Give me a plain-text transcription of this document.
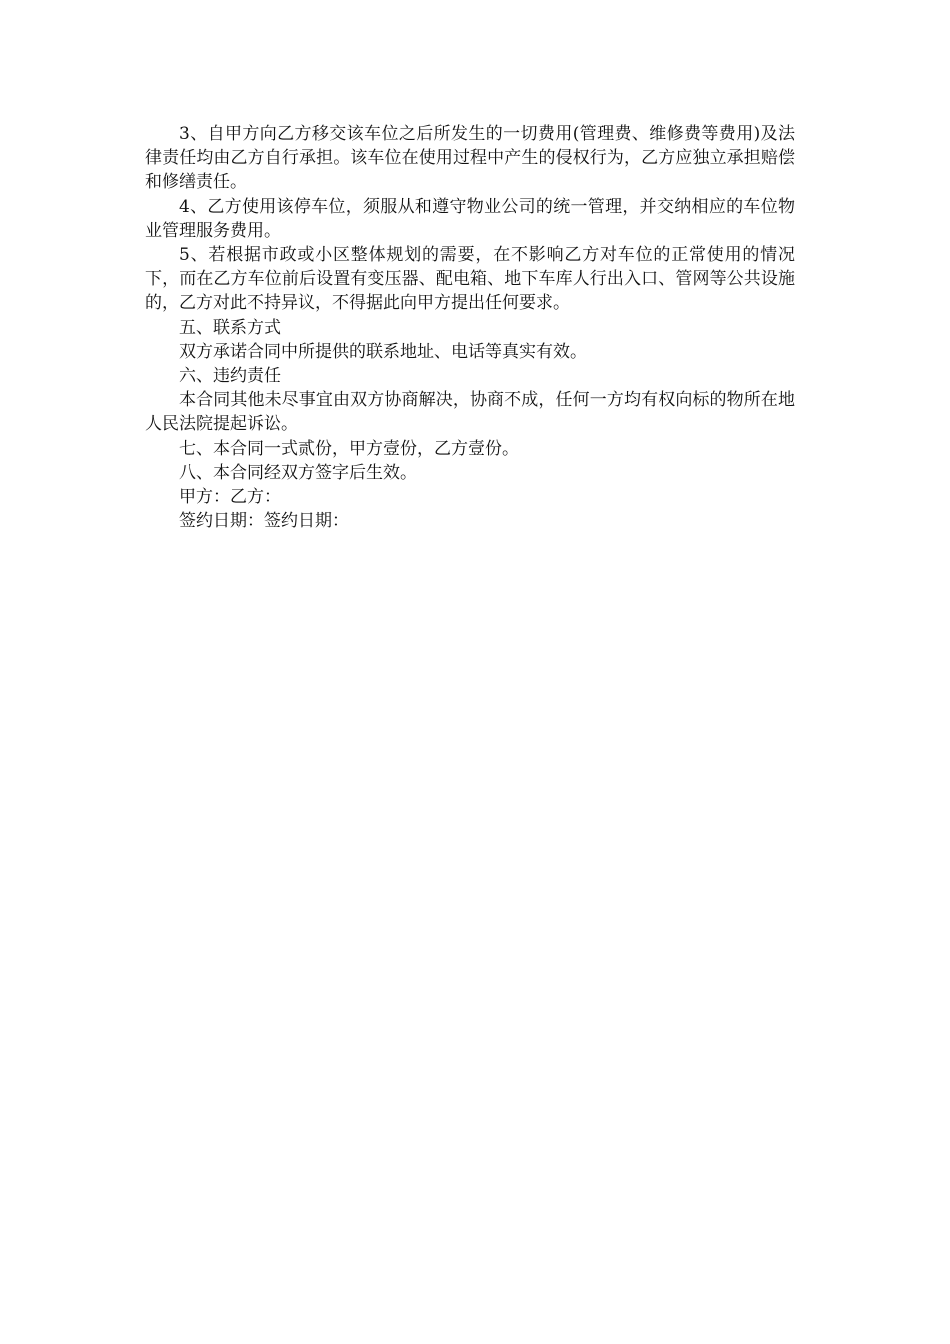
3、自甲方向乙方移交该车位之后所发生的一切费用(管理费、维修费等费用)及法律责任均由乙方自行承担。该车位在使用过程中产生的侵权行为，乙方应独立承担赔偿和修缮责任。

4、乙方使用该停车位，须服从和遵守物业公司的统一管理，并交纳相应的车位物业管理服务费用。

5、若根据市政或小区整体规划的需要，在不影响乙方对车位的正常使用的情况下，而在乙方车位前后设置有变压器、配电箱、地下车库人行出入口、管网等公共设施的，乙方对此不持异议，不得据此向甲方提出任何要求。

五、联系方式

双方承诺合同中所提供的联系地址、电话等真实有效。

六、违约责任

本合同其他未尽事宜由双方协商解决，协商不成，任何一方均有权向标的物所在地人民法院提起诉讼。

七、本合同一式贰份，甲方壹份，乙方壹份。

八、本合同经双方签字后生效。

甲方：乙方：

签约日期：签约日期：
